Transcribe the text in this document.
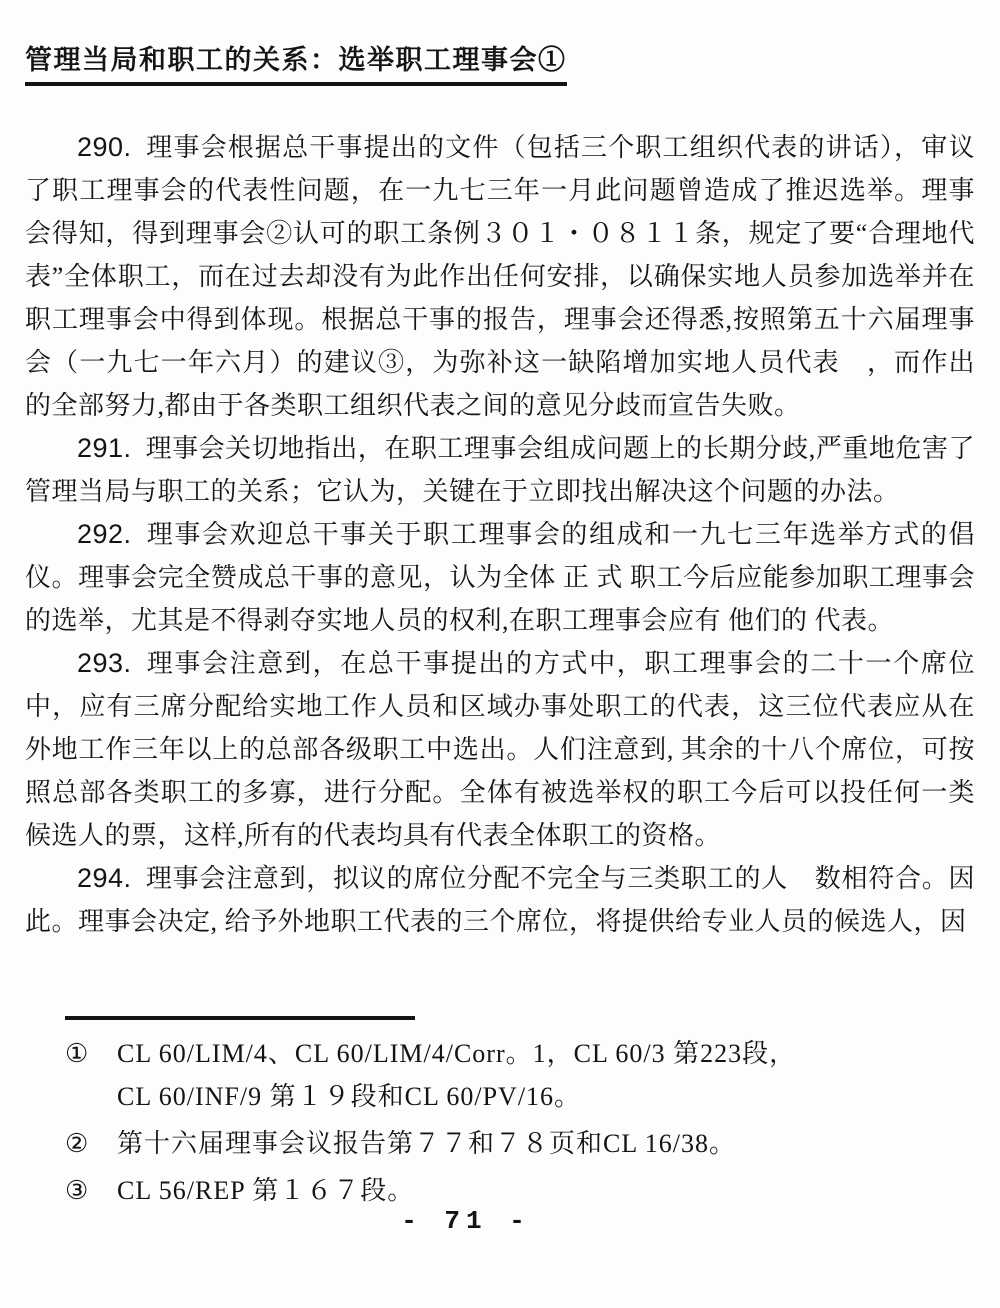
管理当局和职工的关系：选举职工理事会①

290. 理事会根据总干事提出的文件（包括三个职工组织代表的讲话），审议了职工理事会的代表性问题，在一九七三年一月此问题曾造成了推迟选举。理事会得知，得到理事会②认可的职工条例３０１・０８１１条，规定了要“合理地代表”全体职工，而在过去却没有为此作出任何安排，以确保实地人员参加选举并在职工理事会中得到体现。根据总干事的报告，理事会还得悉,按照第五十六届理事会（一九七一年六月）的建议③，为弥补这一缺陷增加实地人员代表　，而作出的全部努力,都由于各类职工组织代表之间的意见分歧而宣告失败。

291. 理事会关切地指出，在职工理事会组成问题上的长期分歧,严重地危害了管理当局与职工的关系；它认为，关键在于立即找出解决这个问题的办法。

292. 理事会欢迎总干事关于职工理事会的组成和一九七三年选举方式的倡仪。理事会完全赞成总干事的意见，认为全体 正 式 职工今后应能参加职工理事会的选举，尤其是不得剥夺实地人员的权利,在职工理事会应有 他们的 代表。

293. 理事会注意到，在总干事提出的方式中，职工理事会的二十一个席位中，应有三席分配给实地工作人员和区域办事处职工的代表，这三位代表应从在外地工作三年以上的总部各级职工中选出。人们注意到, 其余的十八个席位，可按照总部各类职工的多寡，进行分配。全体有被选举权的职工今后可以投任何一类候选人的票，这样,所有的代表均具有代表全体职工的资格。

294. 理事会注意到，拟议的席位分配不完全与三类职工的人　数相符合。因此。理事会决定, 给予外地职工代表的三个席位，将提供给专业人员的候选人，因

①	CL 60/LIM/4、CL 60/LIM/4/Corr。1，CL 60/3 第223段，
CL 60/INF/9 第１９段和CL 60/PV/16。
②	第十六届理事会议报告第７７和７８页和CL 16/38。
③	CL 56/REP 第１６７段。
- 71 -
